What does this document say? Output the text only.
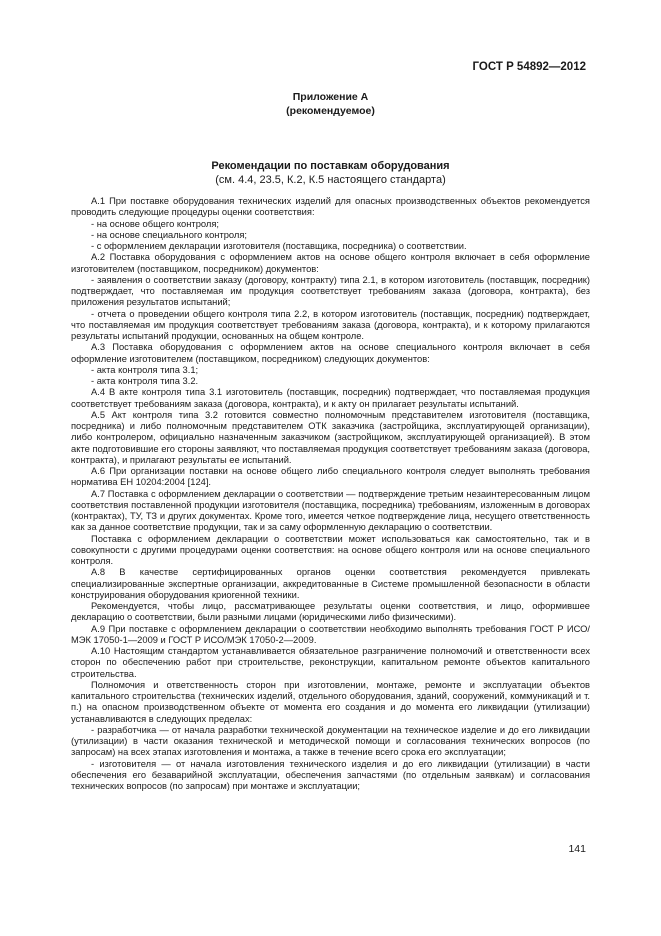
ГОСТ Р 54892—2012
Приложение А
(рекомендуемое)
Рекомендации по поставкам оборудования
(см. 4.4, 23.5, К.2, К.5 настоящего стандарта)

А.1 При поставке оборудования технических изделий для опасных производственных объектов рекомендуется проводить следующие процедуры оценки соответствия:

- на основе общего контроля;

- на основе специального контроля;

- с оформлением декларации изготовителя (поставщика, посредника) о соответствии.

А.2 Поставка оборудования с оформлением актов на основе общего контроля включает в себя оформление изготовителем (поставщиком, посредником) документов:

- заявления о соответствии заказу (договору, контракту) типа 2.1, в котором изготовитель (поставщик, посредник) подтверждает, что поставляемая им продукция соответствует требованиям заказа (договора, контракта), без приложения результатов испытаний;

- отчета о проведении общего контроля типа 2.2, в котором изготовитель (поставщик, посредник) подтверждает, что поставляемая им продукция соответствует требованиям заказа (договора, контракта), и к которому прилагаются результаты испытаний продукции, основанных на общем контроле.

А.3 Поставка оборудования с оформлением актов на основе специального контроля включает в себя оформление изготовителем (поставщиком, посредником) следующих документов:

- акта контроля типа 3.1;

- акта контроля типа 3.2.

А.4 В акте контроля типа 3.1 изготовитель (поставщик, посредник) подтверждает, что поставляемая продукция соответствует требованиям заказа (договора, контракта), и к акту он прилагает результаты испытаний.

А.5 Акт контроля типа 3.2 готовится совместно полномочным представителем изготовителя (поставщика, посредника) и либо полномочным представителем ОТК заказчика (застройщика, эксплуатирующей организации), либо контролером, официально назначенным заказчиком (застройщиком, эксплуатирующей организацией). В этом акте подготовившие его стороны заявляют, что поставляемая продукция соответствует требованиям заказа (договора, контракта), и прилагают результаты ее испытаний.

А.6 При организации поставки на основе общего либо специального контроля следует выполнять требования норматива ЕН 10204:2004 [124].

А.7 Поставка с оформлением декларации о соответствии — подтверждение третьим незаинтересованным лицом соответствия поставленной продукции изготовителя (поставщика, посредника) требованиям, изложенным в договорах (контрактах), ТУ, ТЗ и других документах. Кроме того, имеется четкое подтверждение лица, несущего ответственность как за данное соответствие продукции, так и за саму оформленную декларацию о соответствии.

Поставка с оформлением декларации о соответствии может использоваться как самостоятельно, так и в совокупности с другими процедурами оценки соответствия: на основе общего контроля или на основе специального контроля.

А.8 В качестве сертифицированных органов оценки соответствия рекомендуется привлекать специализированные экспертные организации, аккредитованные в Системе промышленной безопасности в области конструирования оборудования криогенной техники.

Рекомендуется, чтобы лицо, рассматривающее результаты оценки соответствия, и лицо, оформившее декларацию о соответствии, были разными лицами (юридическими либо физическими).

А.9 При поставке с оформлением декларации о соответствии необходимо выполнять требования ГОСТ Р ИСО/МЭК 17050-1—2009 и ГОСТ Р ИСО/МЭК 17050-2—2009.

А.10 Настоящим стандартом устанавливается обязательное разграничение полномочий и ответственности всех сторон по обеспечению работ при строительстве, реконструкции, капитальном ремонте объектов капитального строительства.

Полномочия и ответственность сторон при изготовлении, монтаже, ремонте и эксплуатации объектов капитального строительства (технических изделий, отдельного оборудования, зданий, сооружений, коммуникаций и т. п.) на опасном производственном объекте от момента его создания и до момента его ликвидации (утилизации) устанавливаются в следующих пределах:

- разработчика — от начала разработки технической документации на техническое изделие и до его ликвидации (утилизации) в части оказания технической и методической помощи и согласования технических вопросов (по запросам) на всех этапах изготовления и монтажа, а также в течение всего срока его эксплуатации;

- изготовителя — от начала изготовления технического изделия и до его ликвидации (утилизации) в части обеспечения его безаварийной эксплуатации, обеспечения запчастями (по отдельным заявкам) и согласования технических вопросов (по запросам) при монтаже и эксплуатации;

141
